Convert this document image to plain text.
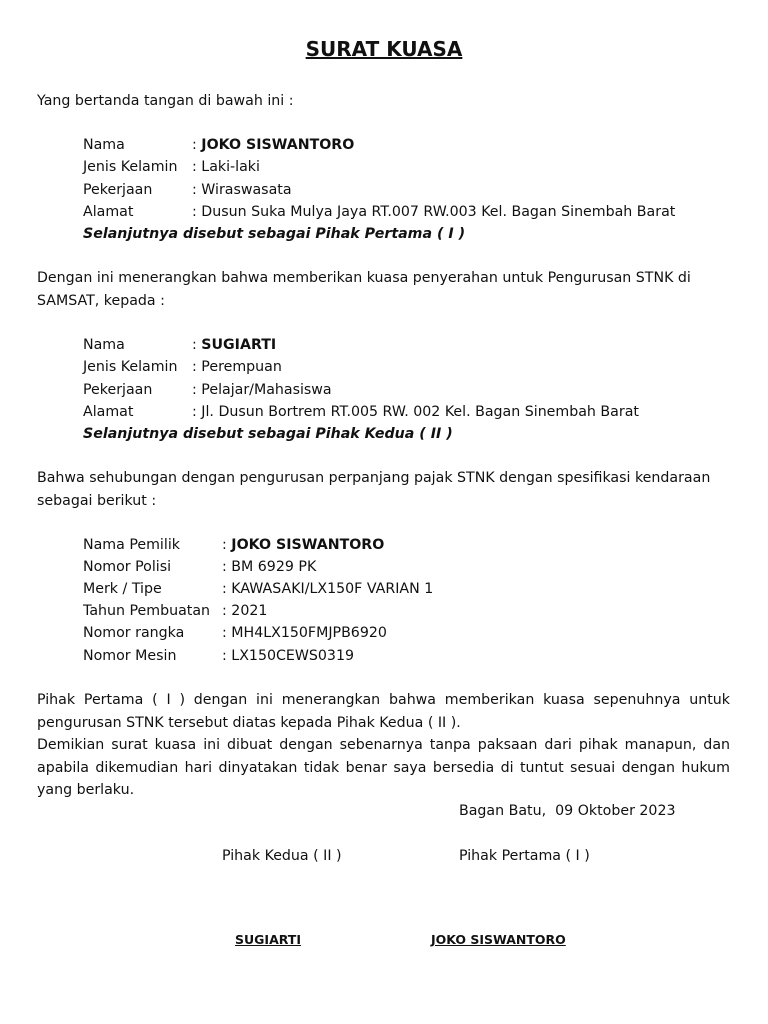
SURAT KUASA
Yang bertanda tangan di bawah ini :
Nama	: JOKO SISWANTORO
Jenis Kelamin : Laki-laki
Pekerjaan	: Wiraswasata
Alamat	: Dusun Suka Mulya Jaya RT.007 RW.003 Kel. Bagan Sinembah Barat
Selanjutnya disebut sebagai Pihak Pertama ( I )
Dengan ini menerangkan bahwa memberikan kuasa penyerahan untuk Pengurusan STNK di SAMSAT, kepada :
Nama	: SUGIARTI
Jenis Kelamin : Perempuan
Pekerjaan	: Pelajar/Mahasiswa
Alamat	: Jl. Dusun Bortrem RT.005 RW. 002 Kel. Bagan Sinembah Barat
Selanjutnya disebut sebagai Pihak Kedua ( II )
Bahwa sehubungan dengan pengurusan perpanjang pajak STNK dengan spesifikasi kendaraan sebagai berikut :
Nama Pemilik	: JOKO SISWANTORO
Nomor Polisi	: BM 6929 PK
Merk / Tipe	: KAWASAKI/LX150F VARIAN 1
Tahun Pembuatan : 2021
Nomor rangka	: MH4LX150FMJPB6920
Nomor Mesin	: LX150CEWS0319
Pihak Pertama ( I ) dengan ini menerangkan bahwa memberikan kuasa sepenuhnya untuk pengurusan STNK tersebut diatas kepada Pihak Kedua ( II ).
Demikian surat kuasa ini dibuat dengan sebenarnya tanpa paksaan dari pihak manapun, dan apabila dikemudian hari dinyatakan tidak benar saya bersedia di tuntut sesuai dengan hukum yang berlaku.
Bagan Batu,  09 Oktober 2023
Pihak Kedua ( II )	Pihak Pertama ( I )
SUGIARTI	JOKO SISWANTORO
